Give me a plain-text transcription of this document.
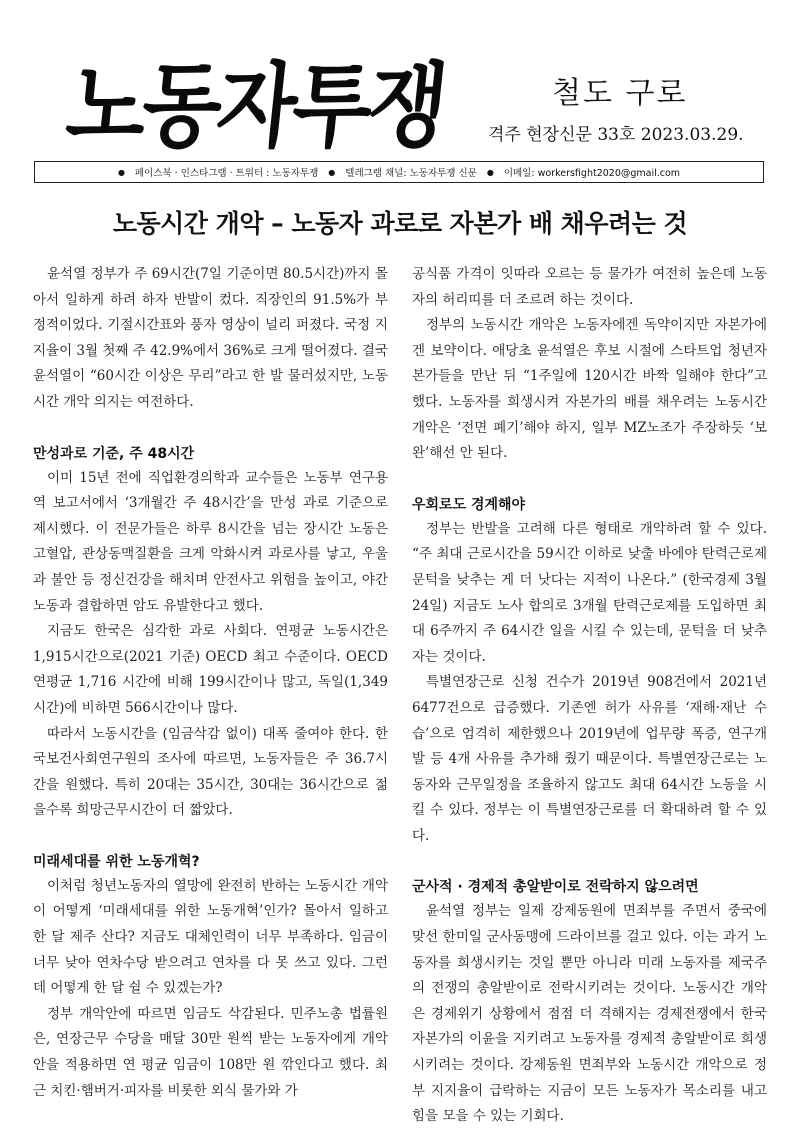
노동자투쟁	철도 구로
격주 현장신문 33호 2023.03.29.
● 페이스북 · 인스타그램 · 트위터 : 노동자투쟁 ● 텔레그램 채널: 노동자투쟁 신문 ● 이메일: workersfight2020@gmail.com
노동시간 개악 – 노동자 과로로 자본가 배 채우려는 것

윤석열 정부가 주 69시간(7일 기준이면 80.5시간)까지 몰아서 일하게 하려 하자 반발이 컸다. 직장인의 91.5%가 부정적이었다. 기절시간표와 풍자 영상이 널리 퍼졌다. 국정 지지율이 3월 첫째 주 42.9%에서 36%로 크게 떨어졌다. 결국 윤석열이 “60시간 이상은 무리”라고 한 발 물러섰지만, 노동시간 개악 의지는 여전하다.

만성과로 기준, 주 48시간

이미 15년 전에 직업환경의학과 교수들은 노동부 연구용역 보고서에서 ‘3개월간 주 48시간’을 만성 과로 기준으로 제시했다. 이 전문가들은 하루 8시간을 넘는 장시간 노동은 고혈압, 관상동맥질환을 크게 악화시켜 과로사를 낳고, 우울과 불안 등 정신건강을 해치며 안전사고 위험을 높이고, 야간노동과 결합하면 암도 유발한다고 했다.

지금도 한국은 심각한 과로 사회다. 연평균 노동시간은 1,915시간으로(2021 기준) OECD 최고 수준이다. OECD 연평균 1,716 시간에 비해 199시간이나 많고, 독일(1,349시간)에 비하면 566시간이나 많다.

따라서 노동시간을 (임금삭감 없이) 대폭 줄여야 한다. 한국보건사회연구원의 조사에 따르면, 노동자들은 주 36.7시간을 원했다. 특히 20대는 35시간, 30대는 36시간으로 젊을수록 희망근무시간이 더 짧았다.

미래세대를 위한 노동개혁?

이처럼 청년노동자의 열망에 완전히 반하는 노동시간 개악이 어떻게 ‘미래세대를 위한 노동개혁’인가? 몰아서 일하고 한 달 제주 산다? 지금도 대체인력이 너무 부족하다. 임금이 너무 낮아 연차수당 받으려고 연차를 다 못 쓰고 있다. 그런데 어떻게 한 달 쉴 수 있겠는가?

정부 개악안에 따르면 임금도 삭감된다. 민주노총 법률원은, 연장근무 수당을 매달 30만 원씩 받는 노동자에게 개악안을 적용하면 연 평균 임금이 108만 원 깎인다고 했다. 최근 치킨·햄버거·피자를 비롯한 외식 물가와 가

공식품 가격이 잇따라 오르는 등 물가가 여전히 높은데 노동자의 허리띠를 더 조르려 하는 것이다.

정부의 노동시간 개악은 노동자에겐 독약이지만 자본가에겐 보약이다. 애당초 윤석열은 후보 시절에 스타트업 청년자본가들을 만난 뒤 “1주일에 120시간 바짝 일해야 한다”고 했다. 노동자를 희생시켜 자본가의 배를 채우려는 노동시간 개악은 ‘전면 폐기’해야 하지, 일부 MZ노조가 주장하듯 ‘보완’해선 안 된다.

우회로도 경계해야

정부는 반발을 고려해 다른 형태로 개악하려 할 수 있다. “주 최대 근로시간을 59시간 이하로 낮출 바에야 탄력근로제 문턱을 낮추는 게 더 낫다는 지적이 나온다.” (한국경제 3월 24일) 지금도 노사 합의로 3개월 탄력근로제를 도입하면 최대 6주까지 주 64시간 일을 시킬 수 있는데, 문턱을 더 낮추자는 것이다.

특별연장근로 신청 건수가 2019년 908건에서 2021년 6477건으로 급증했다. 기존엔 허가 사유를 ‘재해·재난 수습’으로 엄격히 제한했으나 2019년에 업무량 폭증, 연구개발 등 4개 사유를 추가해 줬기 때문이다. 특별연장근로는 노동자와 근무일정을 조율하지 않고도 최대 64시간 노동을 시킬 수 있다. 정부는 이 특별연장근로를 더 확대하려 할 수 있다.

군사적 · 경제적 총알받이로 전락하지 않으려면

윤석열 정부는 일제 강제동원에 면죄부를 주면서 중국에 맞선 한미일 군사동맹에 드라이브를 걸고 있다. 이는 과거 노동자를 희생시키는 것일 뿐만 아니라 미래 노동자를 제국주의 전쟁의 총알받이로 전락시키려는 것이다. 노동시간 개악은 경제위기 상황에서 점점 더 격해지는 경제전쟁에서 한국 자본가의 이윤을 지키려고 노동자를 경제적 총알받이로 희생시키려는 것이다. 강제동원 면죄부와 노동시간 개악으로 정부 지지율이 급락하는 지금이 모든 노동자가 목소리를 내고 힘을 모을 수 있는 기회다.
